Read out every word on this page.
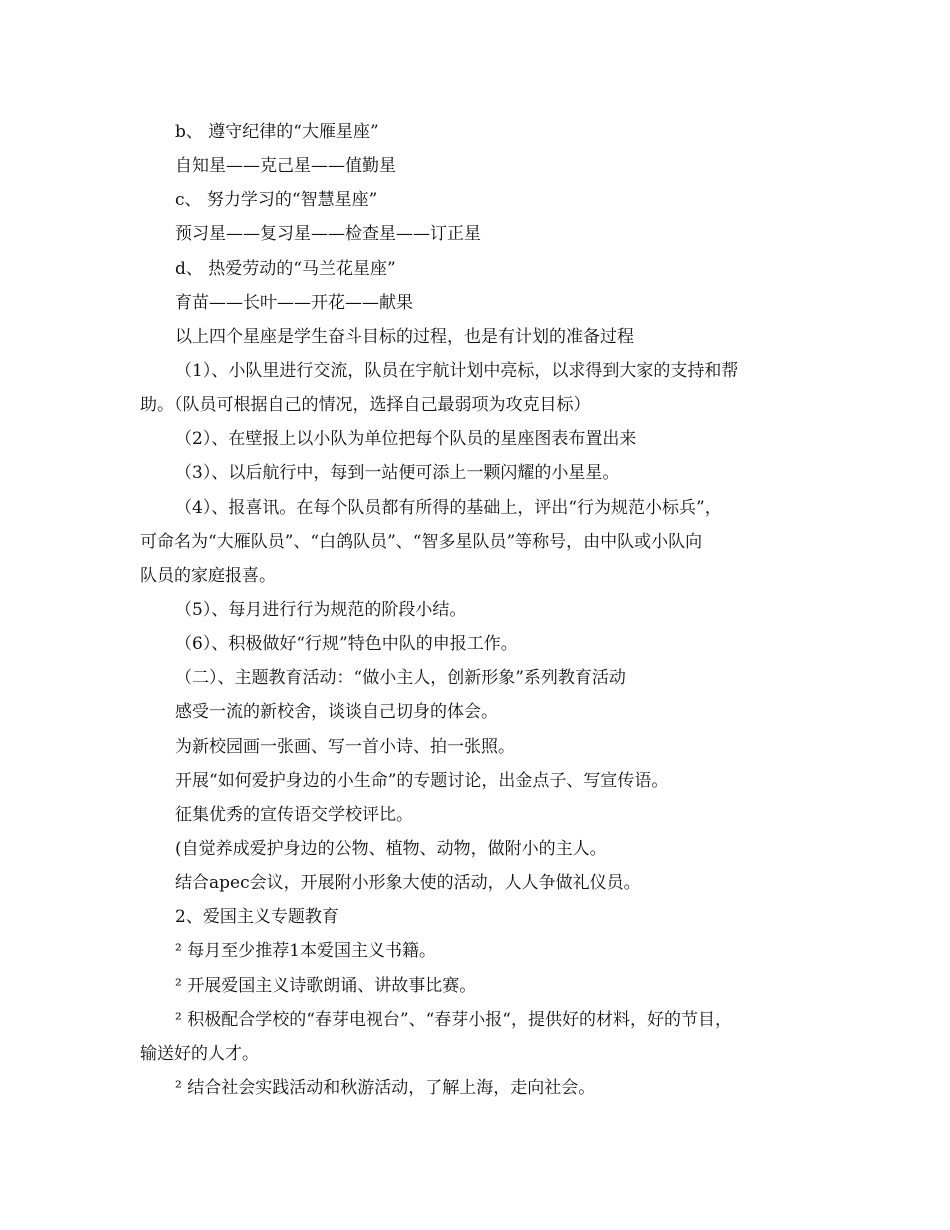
b、 遵守纪律的“大雁星座”
自知星——克己星——值勤星
c、 努力学习的“智慧星座”
预习星——复习星——检查星——订正星
d、 热爱劳动的“马兰花星座”
育苗——长叶——开花——献果
以上四个星座是学生奋斗目标的过程，也是有计划的准备过程
（1）、小队里进行交流，队员在宇航计划中亮标，以求得到大家的支持和帮
助。（队员可根据自己的情况，选择自己最弱项为攻克目标）
（2）、在壁报上以小队为单位把每个队员的星座图表布置出来
（3）、以后航行中，每到一站便可添上一颗闪耀的小星星。
（4）、报喜讯。在每个队员都有所得的基础上，评出“行为规范小标兵”，
可命名为“大雁队员”、“白鸽队员”、“智多星队员”等称号，由中队或小队向
队员的家庭报喜。
（5）、每月进行行为规范的阶段小结。
（6）、积极做好“行规”特色中队的申报工作。
（二）、主题教育活动：“做小主人，创新形象”系列教育活动
感受一流的新校舍，谈谈自己切身的体会。
为新校园画一张画、写一首小诗、拍一张照。
开展“如何爱护身边的小生命”的专题讨论，出金点子、写宣传语。
征集优秀的宣传语交学校评比。
(自觉养成爱护身边的公物、植物、动物，做附小的主人。
结合apec会议，开展附小形象大使的活动，人人争做礼仪员。
2、爱国主义专题教育
² 每月至少推荐1本爱国主义书籍。
² 开展爱国主义诗歌朗诵、讲故事比赛。
² 积极配合学校的“春芽电视台”、“春芽小报“，提供好的材料，好的节目，
输送好的人才。
² 结合社会实践活动和秋游活动，了解上海，走向社会。
